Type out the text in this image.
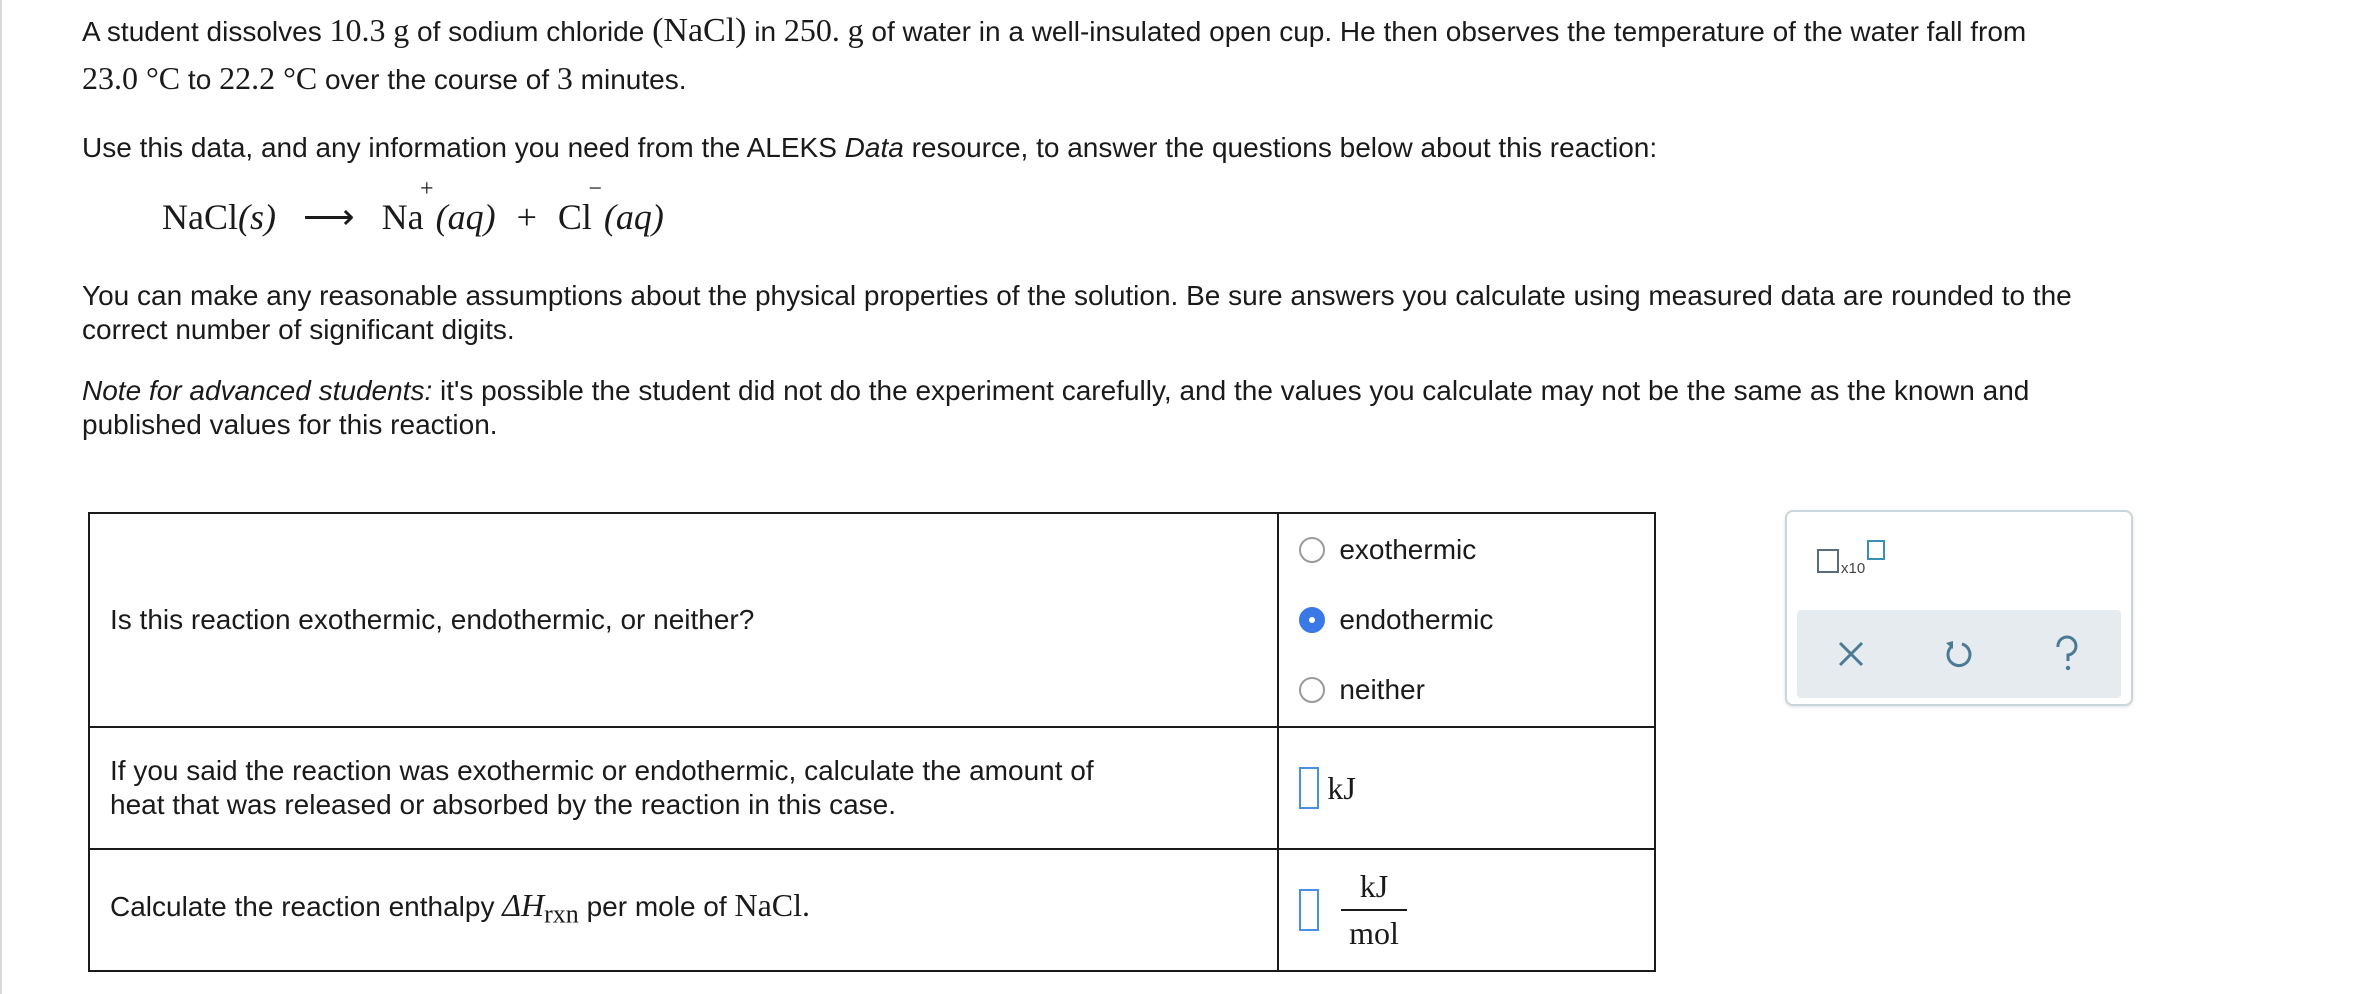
A student dissolves 10.3 g of sodium chloride (NaCl) in 250. g of water in a well-insulated open cup. He then observes the temperature of the water fall from
23.0 °C to 22.2 °C over the course of 3 minutes.
Use this data, and any information you need from the ALEKS Data resource, to answer the questions below about this reaction:
NaCl(s) ⟶ Na
+
(aq) + Cl
−
(aq)
You can make any reasonable assumptions about the physical properties of the solution. Be sure answers you calculate using measured data are rounded to the
correct number of significant digits.
Note for advanced students: it's possible the student did not do the experiment carefully, and the values you calculate may not be the same as the known and
published values for this reaction.
Is this reaction exothermic, endothermic, or neither?	exothermic
endothermic
neither

If you said the reaction was exothermic or endothermic, calculate the amount of
heat that was released or absorbed by the reaction in this case.	kJ
Calculate the reaction enthalpy $\Delta H_{rxn}$ per mole of NaCl.	$\frac{kJ}{\text{mol}}$
x10
